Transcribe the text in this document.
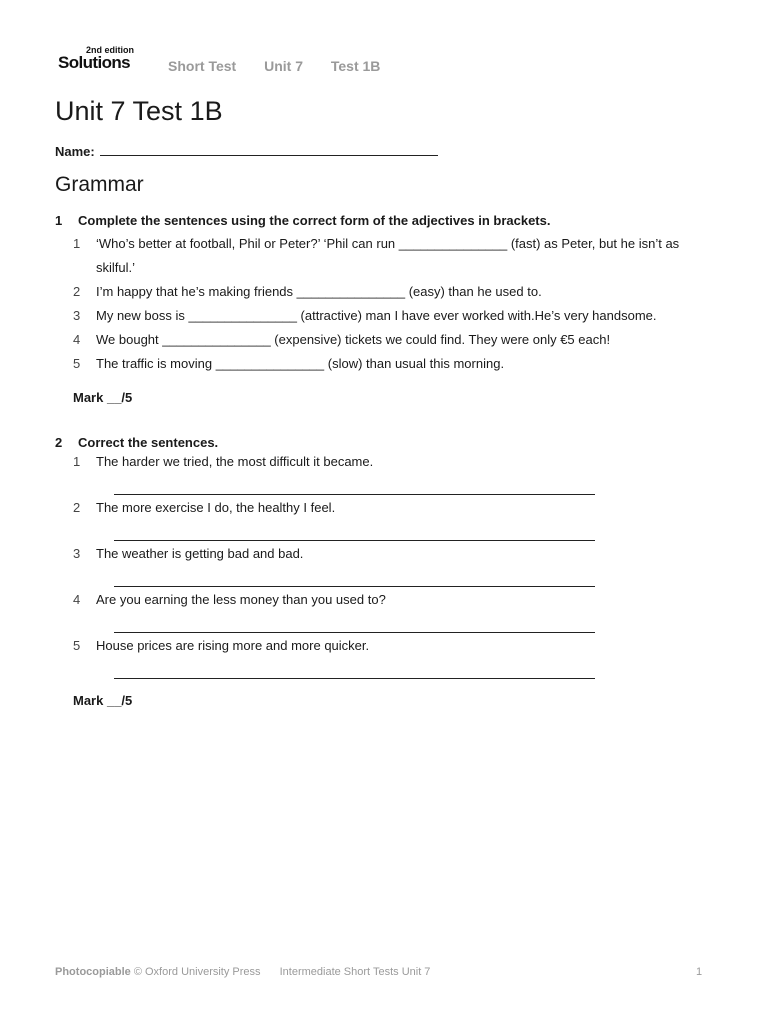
2nd edition
Solutions	Short Test Unit 7 Test 1B
Unit 7 Test 1B
Name:
Grammar
1	Complete the sentences using the correct form of the adjectives in brackets.
1	‘Who’s better at football, Phil or Peter?’ ‘Phil can run _______________ (fast) as Peter, but he isn’t as skilful.’
2	I’m happy that he’s making friends _______________ (easy) than he used to.
3	My new boss is _______________ (attractive) man I have ever worked with.He’s very handsome.
4	We bought _______________ (expensive) tickets we could find. They were only €5 each!
5	The traffic is moving _______________ (slow) than usual this morning.
Mark __/5
2	Correct the sentences.
1	The harder we tried, the most difficult it became.
2	The more exercise I do, the healthy I feel.
3	The weather is getting bad and bad.
4	Are you earning the less money than you used to?
5	House prices are rising more and more quicker.
Mark __/5
Photocopiable © Oxford University Press Intermediate Short Tests Unit 7	1
